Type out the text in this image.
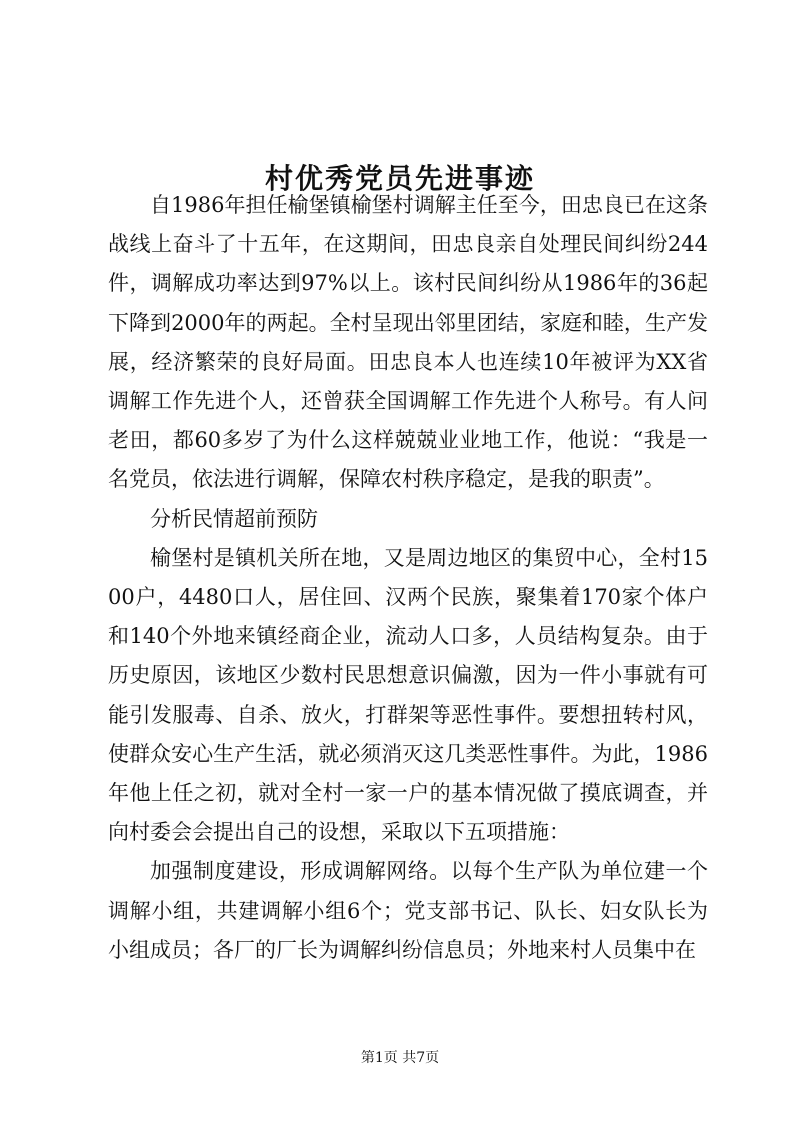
村优秀党员先进事迹

自1986年担任榆堡镇榆堡村调解主任至今，田忠良已在这条战线上奋斗了十五年，在这期间，田忠良亲自处理民间纠纷244件，调解成功率达到97%以上。该村民间纠纷从1986年的36起下降到2000年的两起。全村呈现出邻里团结，家庭和睦，生产发展，经济繁荣的良好局面。田忠良本人也连续10年被评为XX省调解工作先进个人，还曾获全国调解工作先进个人称号。有人问老田，都60多岁了为什么这样兢兢业业地工作，他说：“我是一名党员，依法进行调解，保障农村秩序稳定，是我的职责”。

分析民情超前预防

榆堡村是镇机关所在地，又是周边地区的集贸中心，全村1500户，4480口人，居住回、汉两个民族，聚集着170家个体户和140个外地来镇经商企业，流动人口多，人员结构复杂。由于历史原因，该地区少数村民思想意识偏激，因为一件小事就有可能引发服毒、自杀、放火，打群架等恶性事件。要想扭转村风，使群众安心生产生活，就必须消灭这几类恶性事件。为此，1986年他上任之初，就对全村一家一户的基本情况做了摸底调查，并向村委会会提出自己的设想，采取以下五项措施：

加强制度建设，形成调解网络。以每个生产队为单位建一个调解小组，共建调解小组6个；党支部书记、队长、妇女队长为小组成员；各厂的厂长为调解纠纷信息员；外地来村人员集中在

第1页 共7页
